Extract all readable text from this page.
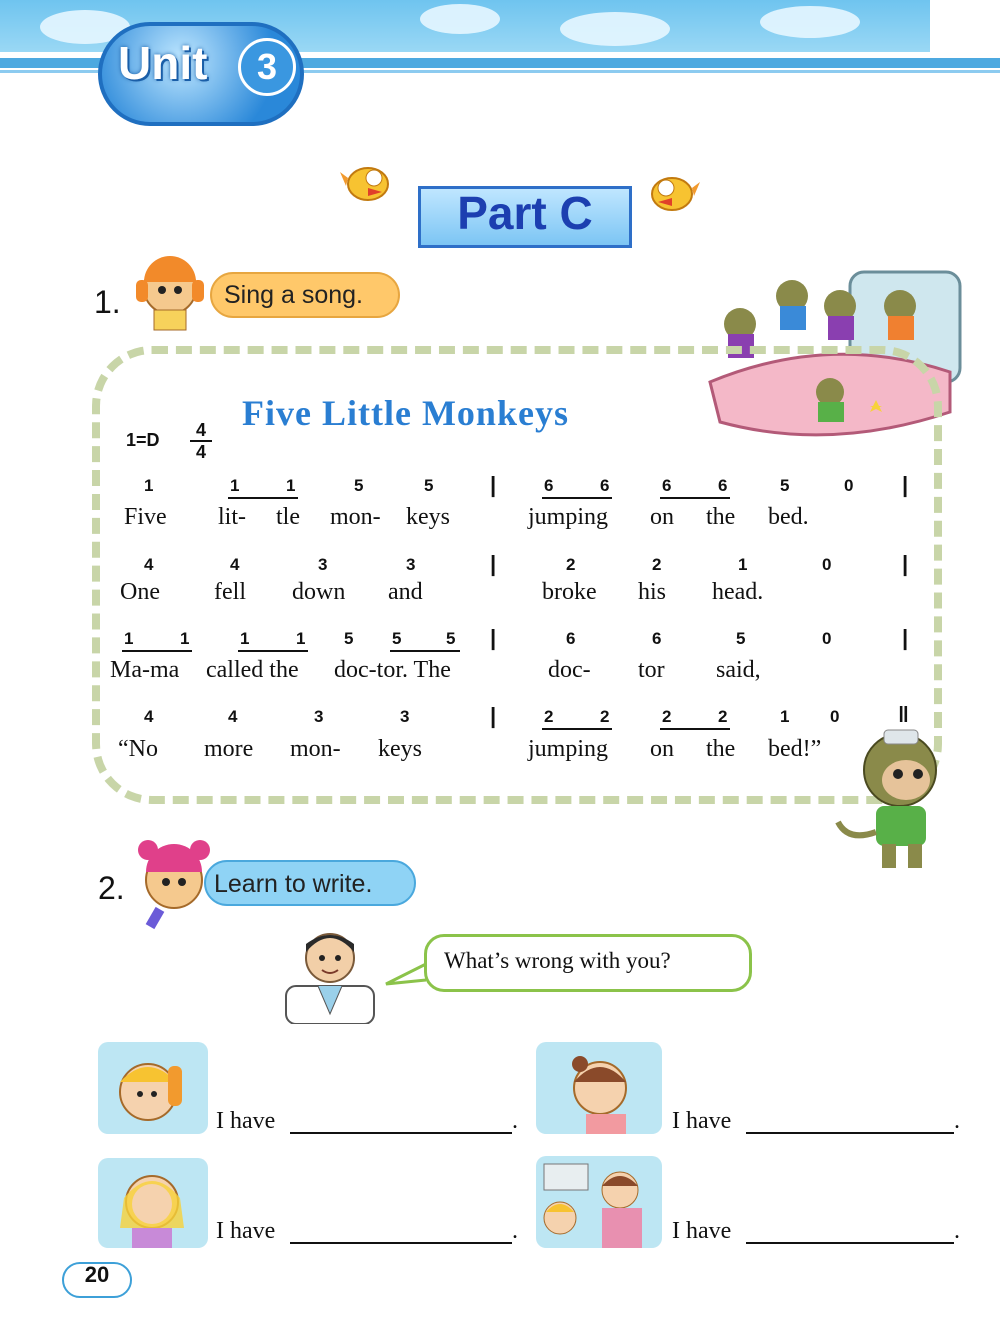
Unit	3
Part C
1.	Sing a song.
Five Little Monkeys
1=D	4
4
1	1	1	5	5	|	6	6	6	6	5	0 |
Five lit- tle mon- keys	jumping on the bed.
4	4	3	3	|	2	2	1	0	|
One fell down and	broke his head.
1	1	1	1 5 5	5 |	6	6	5	0	|
Ma-ma called the doc-tor. The	doc- tor said,
4	4	3	3	|	2	2	2	2	1 0	‖
“No more mon- keys	jumping on the bed!”
2.	Learn to write.
What’s wrong with you?
I have	.	I have	.
I have	.	I have	.
20
